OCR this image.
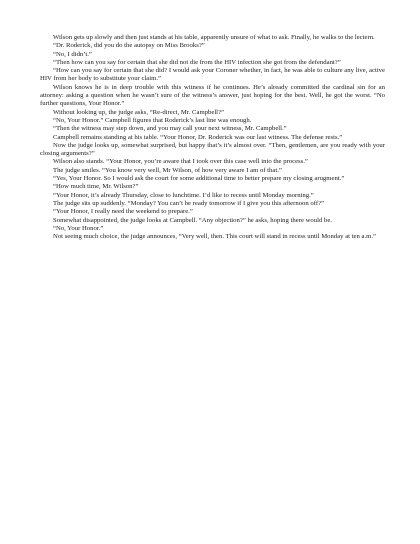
Wilson gets up slowly and then just stands at his table, apparently unsure of what to ask. Finally, he walks to the lectern.

“Dr. Roderick, did you do the autopsy on Miss Brooks?”

“No, I didn’t.”

“Then how can you say for certain that she did not die from the HIV infection she got from the defendant?”

“How can you say for certain that she did? I would ask your Coroner whether, in fact, he was able to culture any live, active HIV from her body to substitute your claim.”

Wilson knows he is in deep trouble with this witness if he continues. He’s already committed the cardinal sin for an attorney: asking a question when he wasn’t sure of the witness’s answer, just hoping for the best. Well, he got the worst. “No further questions, Your Honor.”

Without looking up, the judge asks, “Re-direct, Mr. Campbell?”

“No, Your Honor.” Campbell figures that Roderick’s last line was enough.

“Then the witness may step down, and you may call your next witness, Mr. Campbell.”

Campbell remains standing at his table. “Your Honor, Dr. Roderick was our last witness. The defense rests.”

Now the judge looks up, somewhat surprised, but happy that’s it’s almost over. “Then, gentlemen, are you ready with your closing arguments?”

Wilson also stands. “Your Honor, you’re aware that I took over this case well into the process.”

The judge smiles. “You know very well, Mr Wilson, of how very aware I am of that.”

“Yes, Your Honor. So I would ask the court for some additional time to better prepare my closing arugment.”

“How much time, Mr. Wilson?”

“Your Honor, it’s already Thursday, close to lunchtime. I’d like to recess until Monday morning.”

The judge sits up suddenly. “Monday? You can’t be ready tomorrow if I give you this afternoon off?”

“Your Honor, I really need the weekend to prepare.”

Somewhat disappointed, the judge looks at Campbell. “Any objection?” he asks, hoping there would be.

“No, Your Honor.”

Not seeing much choice, the judge announces, “Very well, then. This court will stand in recess until Monday at ten a.m.”
